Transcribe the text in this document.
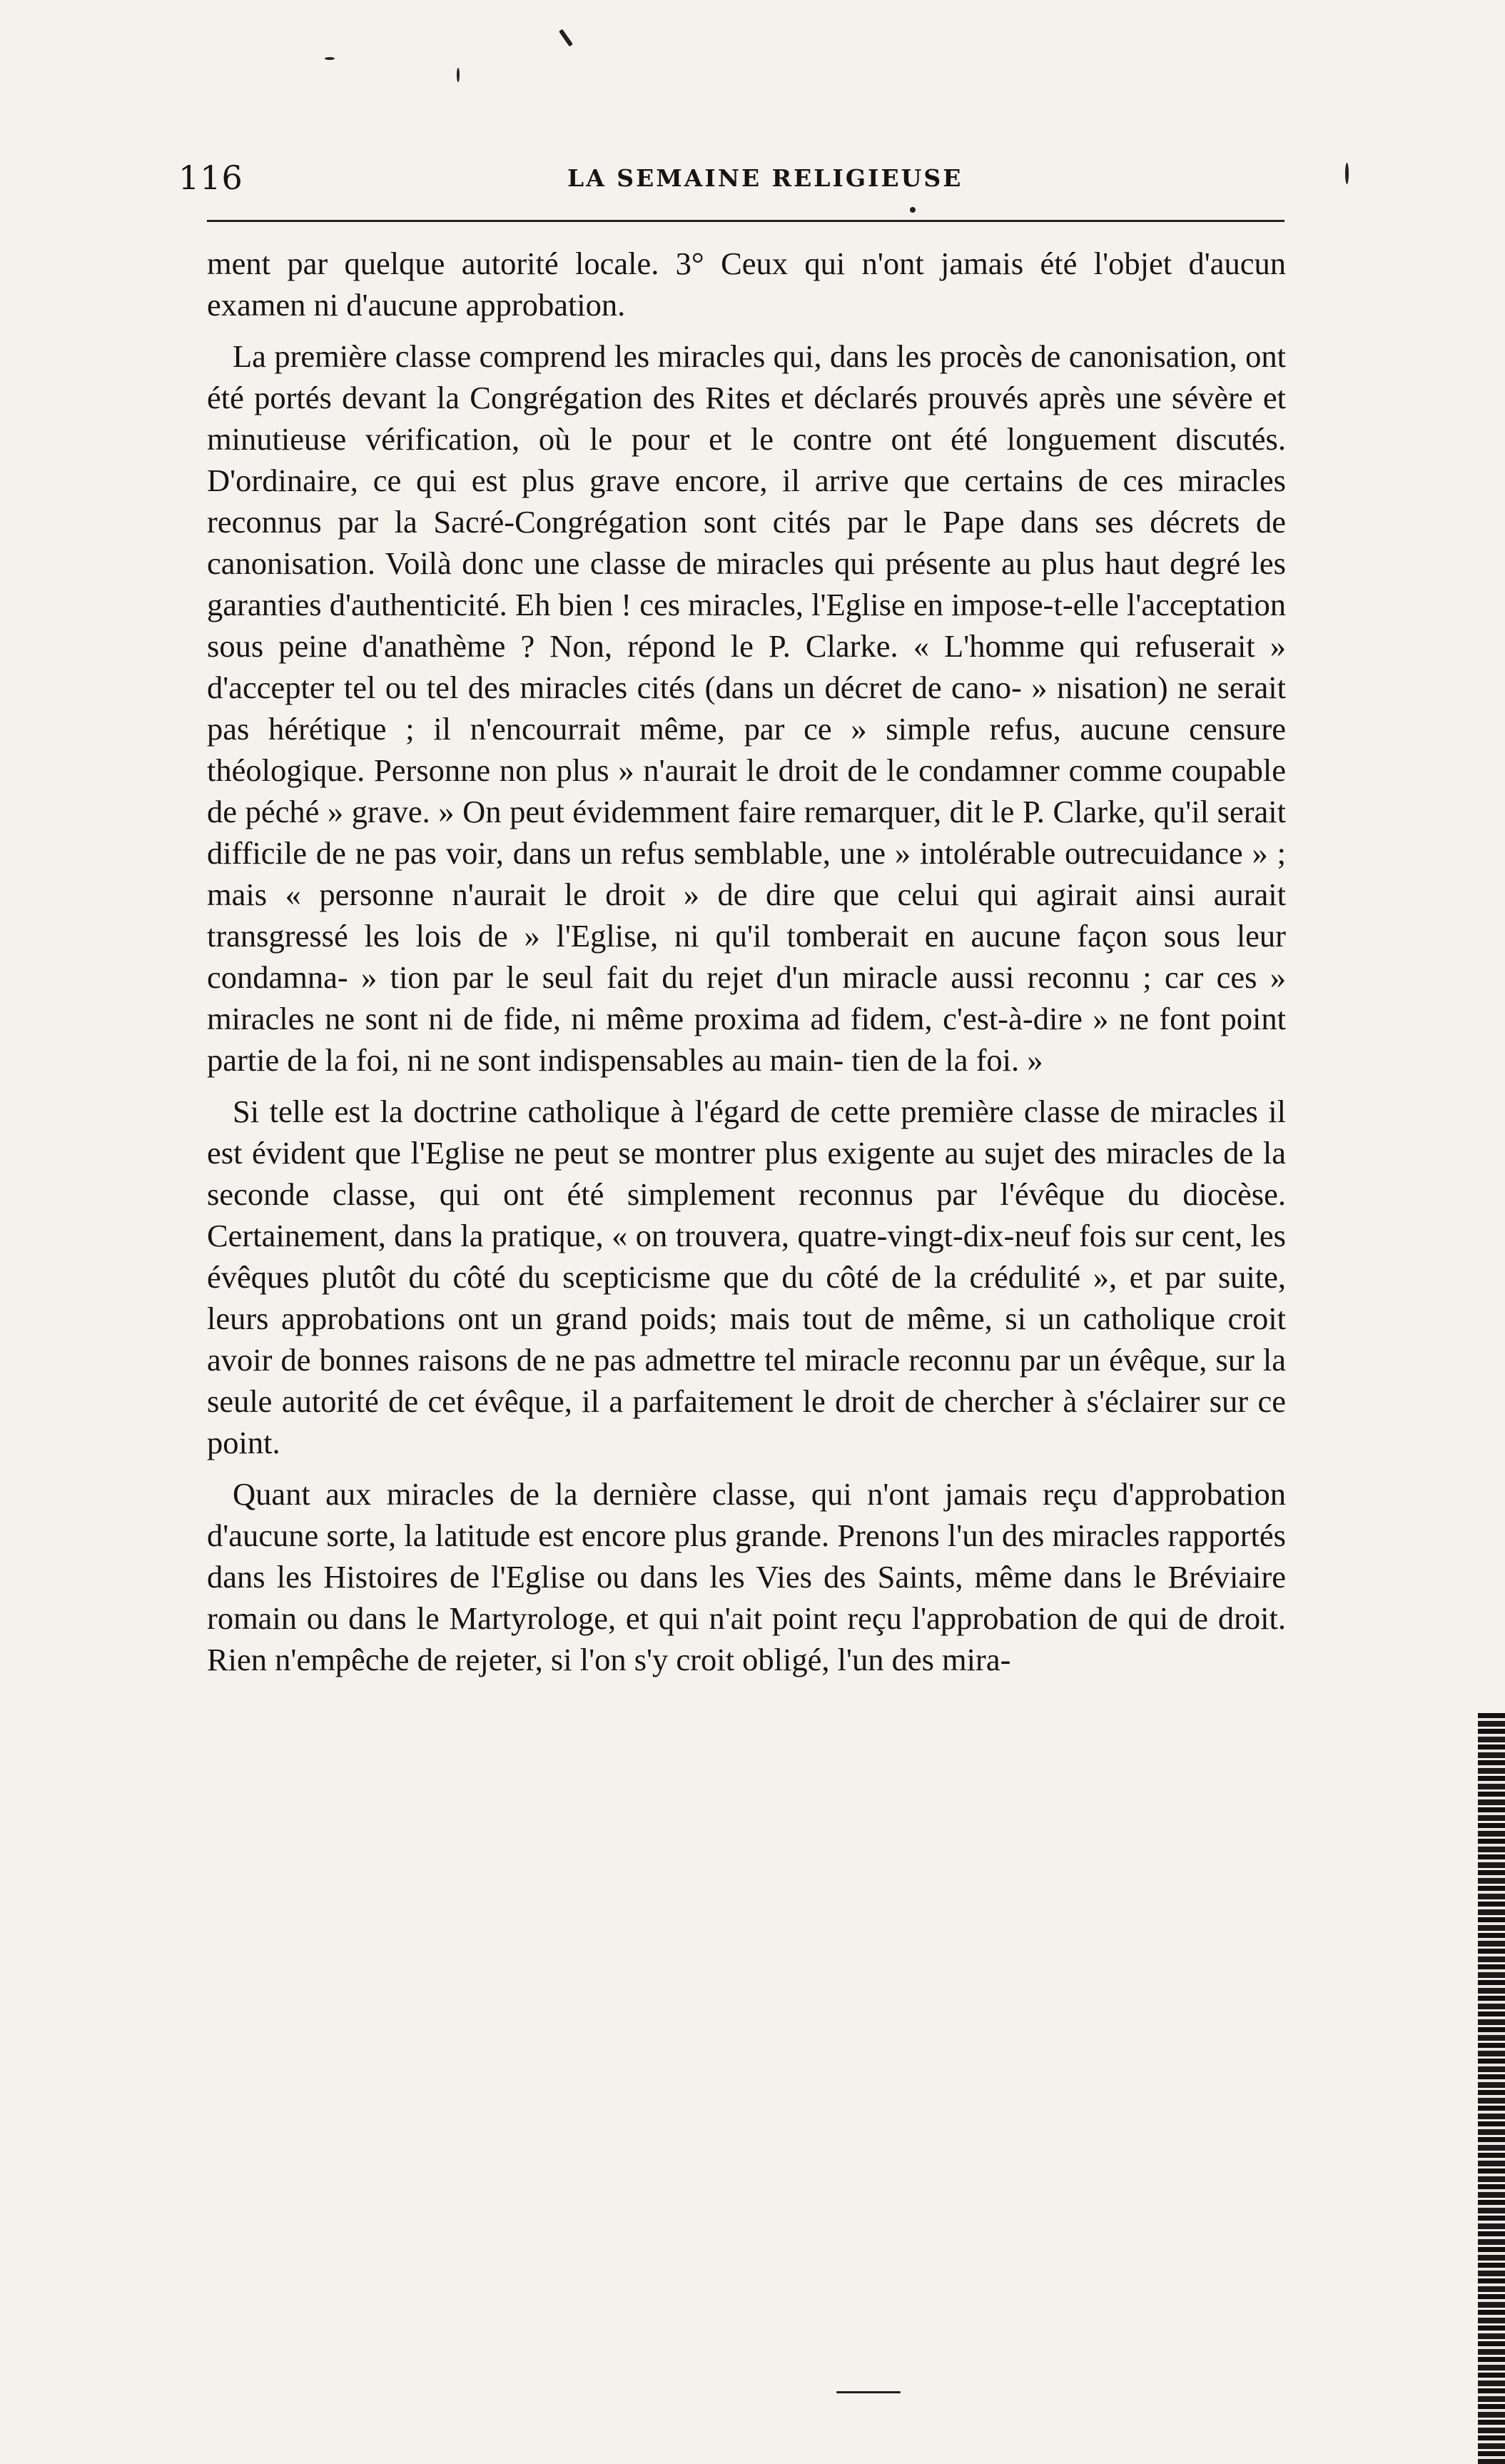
116	LA SEMAINE RELIGIEUSE

ment par quelque autorité locale. 3° Ceux qui n'ont jamais été l'objet d'aucun examen ni d'aucune approbation.

La première classe comprend les miracles qui, dans les procès de canonisation, ont été portés devant la Congrégation des Rites et déclarés prouvés après une sévère et minutieuse vérification, où le pour et le contre ont été longuement discutés. D'ordinaire, ce qui est plus grave encore, il arrive que certains de ces miracles reconnus par la Sacré-Congrégation sont cités par le Pape dans ses décrets de canonisation. Voilà donc une classe de miracles qui présente au plus haut degré les garanties d'authenticité. Eh bien ! ces miracles, l'Eglise en impose-t-elle l'acceptation sous peine d'anathème ? Non, répond le P. Clarke. « L'homme qui refuserait » d'accepter tel ou tel des miracles cités (dans un décret de cano- » nisation) ne serait pas hérétique ; il n'encourrait même, par ce » simple refus, aucune censure théologique. Personne non plus » n'aurait le droit de le condamner comme coupable de péché » grave. » On peut évidemment faire remarquer, dit le P. Clarke, qu'il serait difficile de ne pas voir, dans un refus semblable, une » intolérable outrecuidance » ; mais « personne n'aurait le droit » de dire que celui qui agirait ainsi aurait transgressé les lois de » l'Eglise, ni qu'il tomberait en aucune façon sous leur condamna- » tion par le seul fait du rejet d'un miracle aussi reconnu ; car ces » miracles ne sont ni de fide, ni même proxima ad fidem, c'est-à-dire » ne font point partie de la foi, ni ne sont indispensables au main- tien de la foi. »

Si telle est la doctrine catholique à l'égard de cette première classe de miracles il est évident que l'Eglise ne peut se montrer plus exigente au sujet des miracles de la seconde classe, qui ont été simplement reconnus par l'évêque du diocèse. Certainement, dans la pratique, « on trouvera, quatre-vingt-dix-neuf fois sur cent, les évêques plutôt du côté du scepticisme que du côté de la crédulité », et par suite, leurs approbations ont un grand poids; mais tout de même, si un catholique croit avoir de bonnes raisons de ne pas admettre tel miracle reconnu par un évêque, sur la seule autorité de cet évêque, il a parfaitement le droit de chercher à s'éclairer sur ce point.

Quant aux miracles de la dernière classe, qui n'ont jamais reçu d'approbation d'aucune sorte, la latitude est encore plus grande. Prenons l'un des miracles rapportés dans les Histoires de l'Eglise ou dans les Vies des Saints, même dans le Bréviaire romain ou dans le Martyrologe, et qui n'ait point reçu l'approbation de qui de droit. Rien n'empêche de rejeter, si l'on s'y croit obligé, l'un des mira-
